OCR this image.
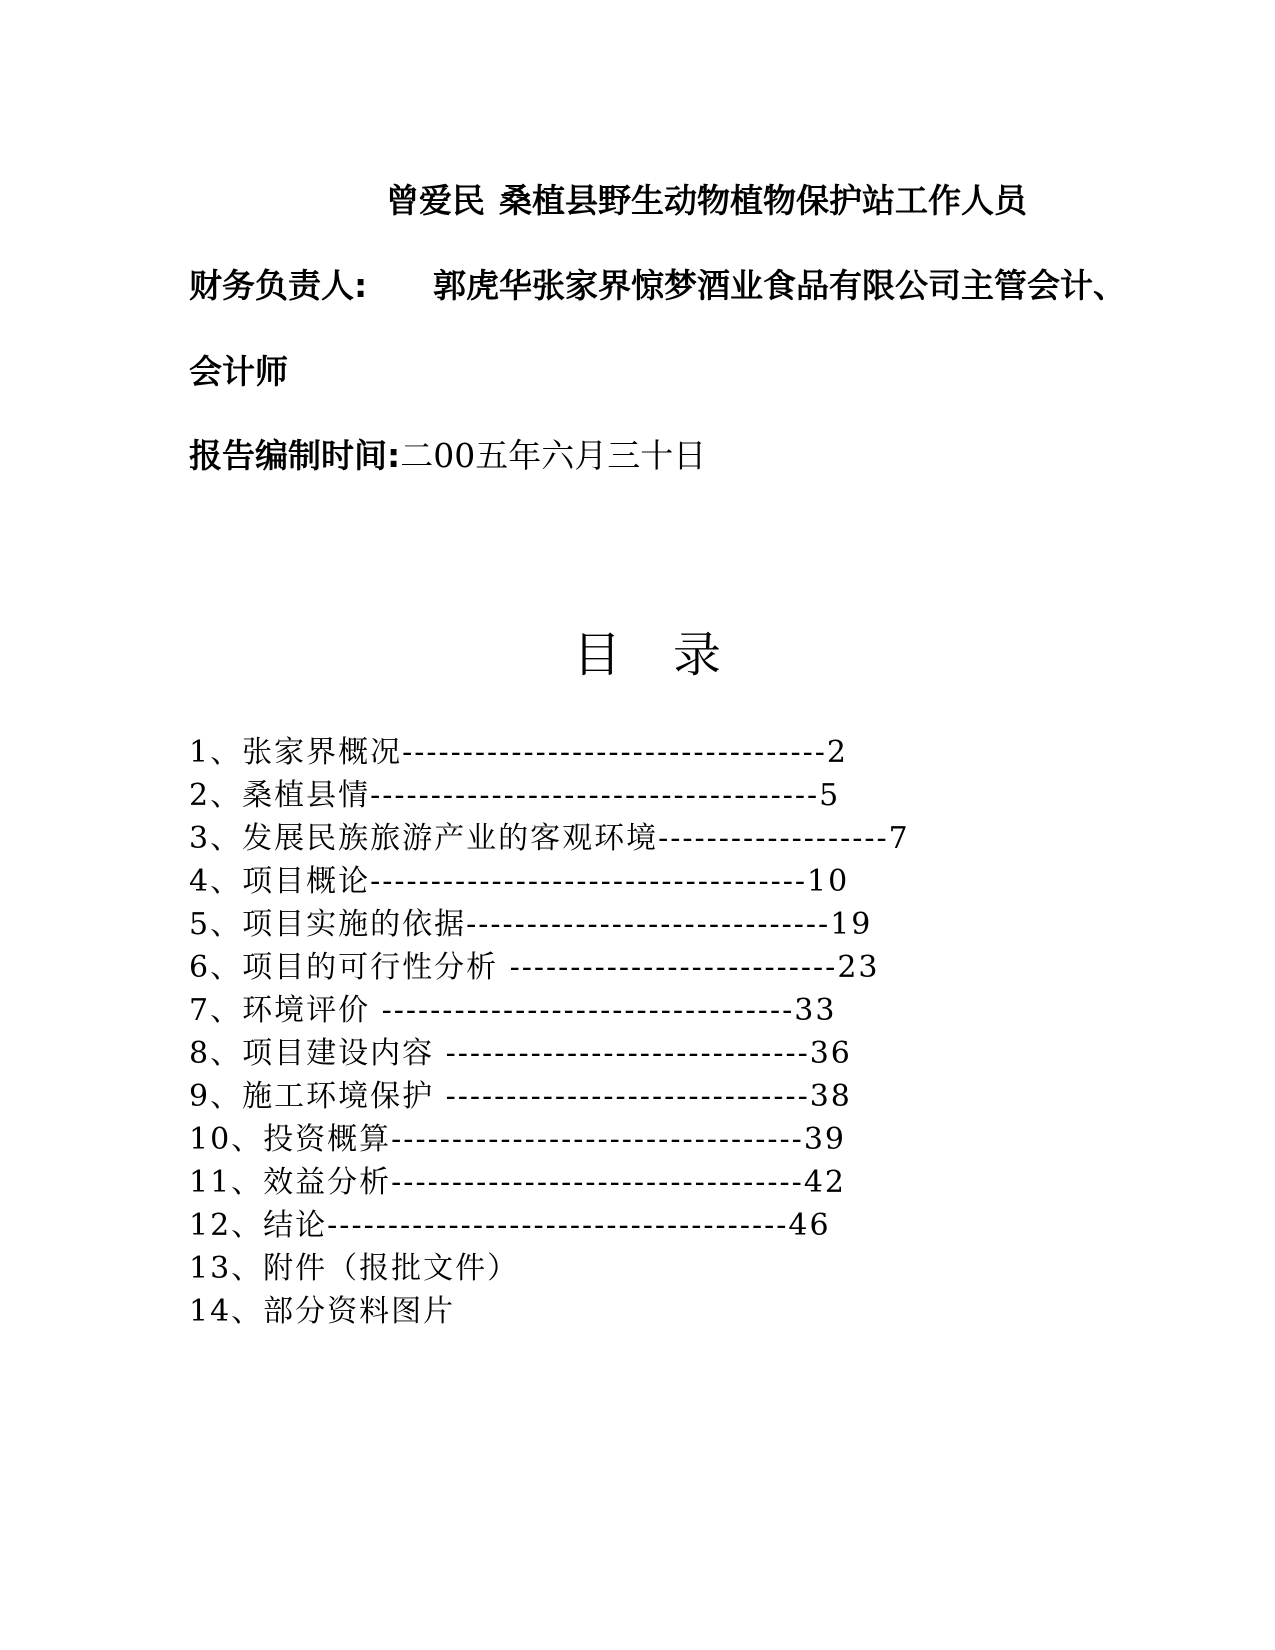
曾爱民 桑植县野生动物植物保护站工作人员
财务负责人: 郭虎华张家界惊梦酒业食品有限公司主管会计、
会计师
报告编制时间:二00五年六月三十日
目录
1、张家界概况-----------------------------------2
2、桑植县情-------------------------------------5
3、发展民族旅游产业的客观环境-------------------7
4、项目概论------------------------------------10
5、项目实施的依据------------------------------19
6、项目的可行性分析 ---------------------------23
7、环境评价 ----------------------------------33
8、项目建设内容 ------------------------------36
9、施工环境保护 ------------------------------38
10、投资概算----------------------------------39
11、效益分析----------------------------------42
12、结论--------------------------------------46
13、附件（报批文件）
14、部分资料图片
